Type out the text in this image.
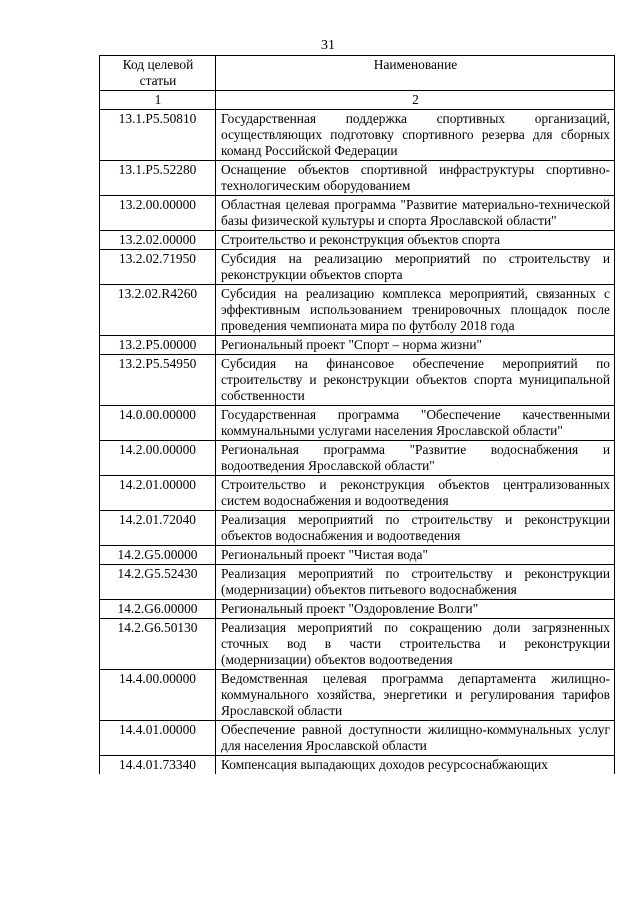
31
Код целевой статьи	Наименование
1	2
13.1.P5.50810	Государственная поддержка спортивных организаций, осуществляющих подготовку спортивного резерва для сборных команд Российской Федерации
13.1.P5.52280	Оснащение объектов спортивной инфраструктуры спортивно-технологическим оборудованием
13.2.00.00000	Областная целевая программа "Развитие материально-технической базы физической культуры и спорта Ярославской области"
13.2.02.00000	Строительство и реконструкция объектов спорта
13.2.02.71950	Субсидия на реализацию мероприятий по строительству и реконструкции объектов спорта
13.2.02.R4260	Субсидия на реализацию комплекса мероприятий, связанных с эффективным использованием тренировочных площадок после проведения чемпионата мира по футболу 2018 года
13.2.P5.00000	Региональный проект "Спорт – норма жизни"
13.2.P5.54950	Субсидия на финансовое обеспечение мероприятий по строительству и реконструкции объектов спорта муниципальной собственности
14.0.00.00000	Государственная программа "Обеспечение качественными коммунальными услугами населения Ярославской области"
14.2.00.00000	Региональная программа "Развитие водоснабжения и водоотведения Ярославской области"
14.2.01.00000	Строительство и реконструкция объектов централизованных систем водоснабжения и водоотведения
14.2.01.72040	Реализация мероприятий по строительству и реконструкции объектов водоснабжения и водоотведения
14.2.G5.00000	Региональный проект "Чистая вода"
14.2.G5.52430	Реализация мероприятий по строительству и реконструкции (модернизации) объектов питьевого водоснабжения
14.2.G6.00000	Региональный проект "Оздоровление Волги"
14.2.G6.50130	Реализация мероприятий по сокращению доли загрязненных сточных вод в части строительства и реконструкции (модернизации) объектов водоотведения
14.4.00.00000	Ведомственная целевая программа департамента жилищно-коммунального хозяйства, энергетики и регулирования тарифов Ярославской области
14.4.01.00000	Обеспечение равной доступности жилищно-коммунальных услуг для населения Ярославской области
14.4.01.73340	Компенсация выпадающих доходов ресурсоснабжающих
